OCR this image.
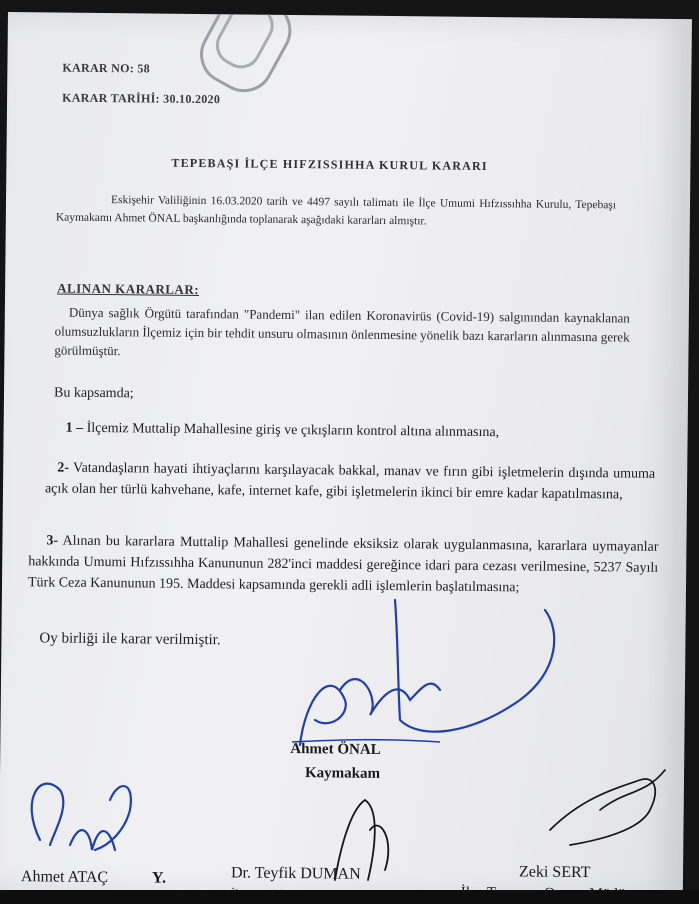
KARAR NO: 58
KARAR TARİHİ: 30.10.2020
TEPEBAŞI İLÇE HIFZISSIHHA KURUL KARARI
Eskişehir Valiliğinin 16.03.2020 tarih ve 4497 sayılı talimatı ile İlçe Umumi Hıfzıssıhha Kurulu, Tepebaşı Kaymakamı Ahmet ÖNAL başkanlığında toplanarak aşağıdaki kararları almıştır.
ALINAN KARARLAR:
Dünya sağlık Örgütü tarafından "Pandemi" ilan edilen Koronavirüs (Covid-19) salgınından kaynaklanan olumsuzlukların İlçemiz için bir tehdit unsuru olmasının önlenmesine yönelik bazı kararların alınmasına gerek görülmüştür.
Bu kapsamda;
1 – İlçemiz Muttalip Mahallesine giriş ve çıkışların kontrol altına alınmasına,
2- Vatandaşların hayati ihtiyaçlarını karşılayacak bakkal, manav ve fırın gibi işletmelerin dışında umuma açık olan her türlü kahvehane, kafe, internet kafe, gibi işletmelerin ikinci bir emre kadar kapatılmasına,
3- Alınan bu kararlara Muttalip Mahallesi genelinde eksiksiz olarak uygulanmasına, kararlara uymayanlar hakkında Umumi Hıfzıssıhha Kanununun 282'inci maddesi gereğince idari para cezası verilmesine, 5237 Sayılı Türk Ceza Kanununun 195. Maddesi kapsamında gerekli adli işlemlerin başlatılmasına;
Oy birliği ile karar verilmiştir.
Ahmet ÖNAL
Kaymakam
Ahmet ATAÇ	Y.	Dr. Teyfik DUMAN	Zeki SERT
